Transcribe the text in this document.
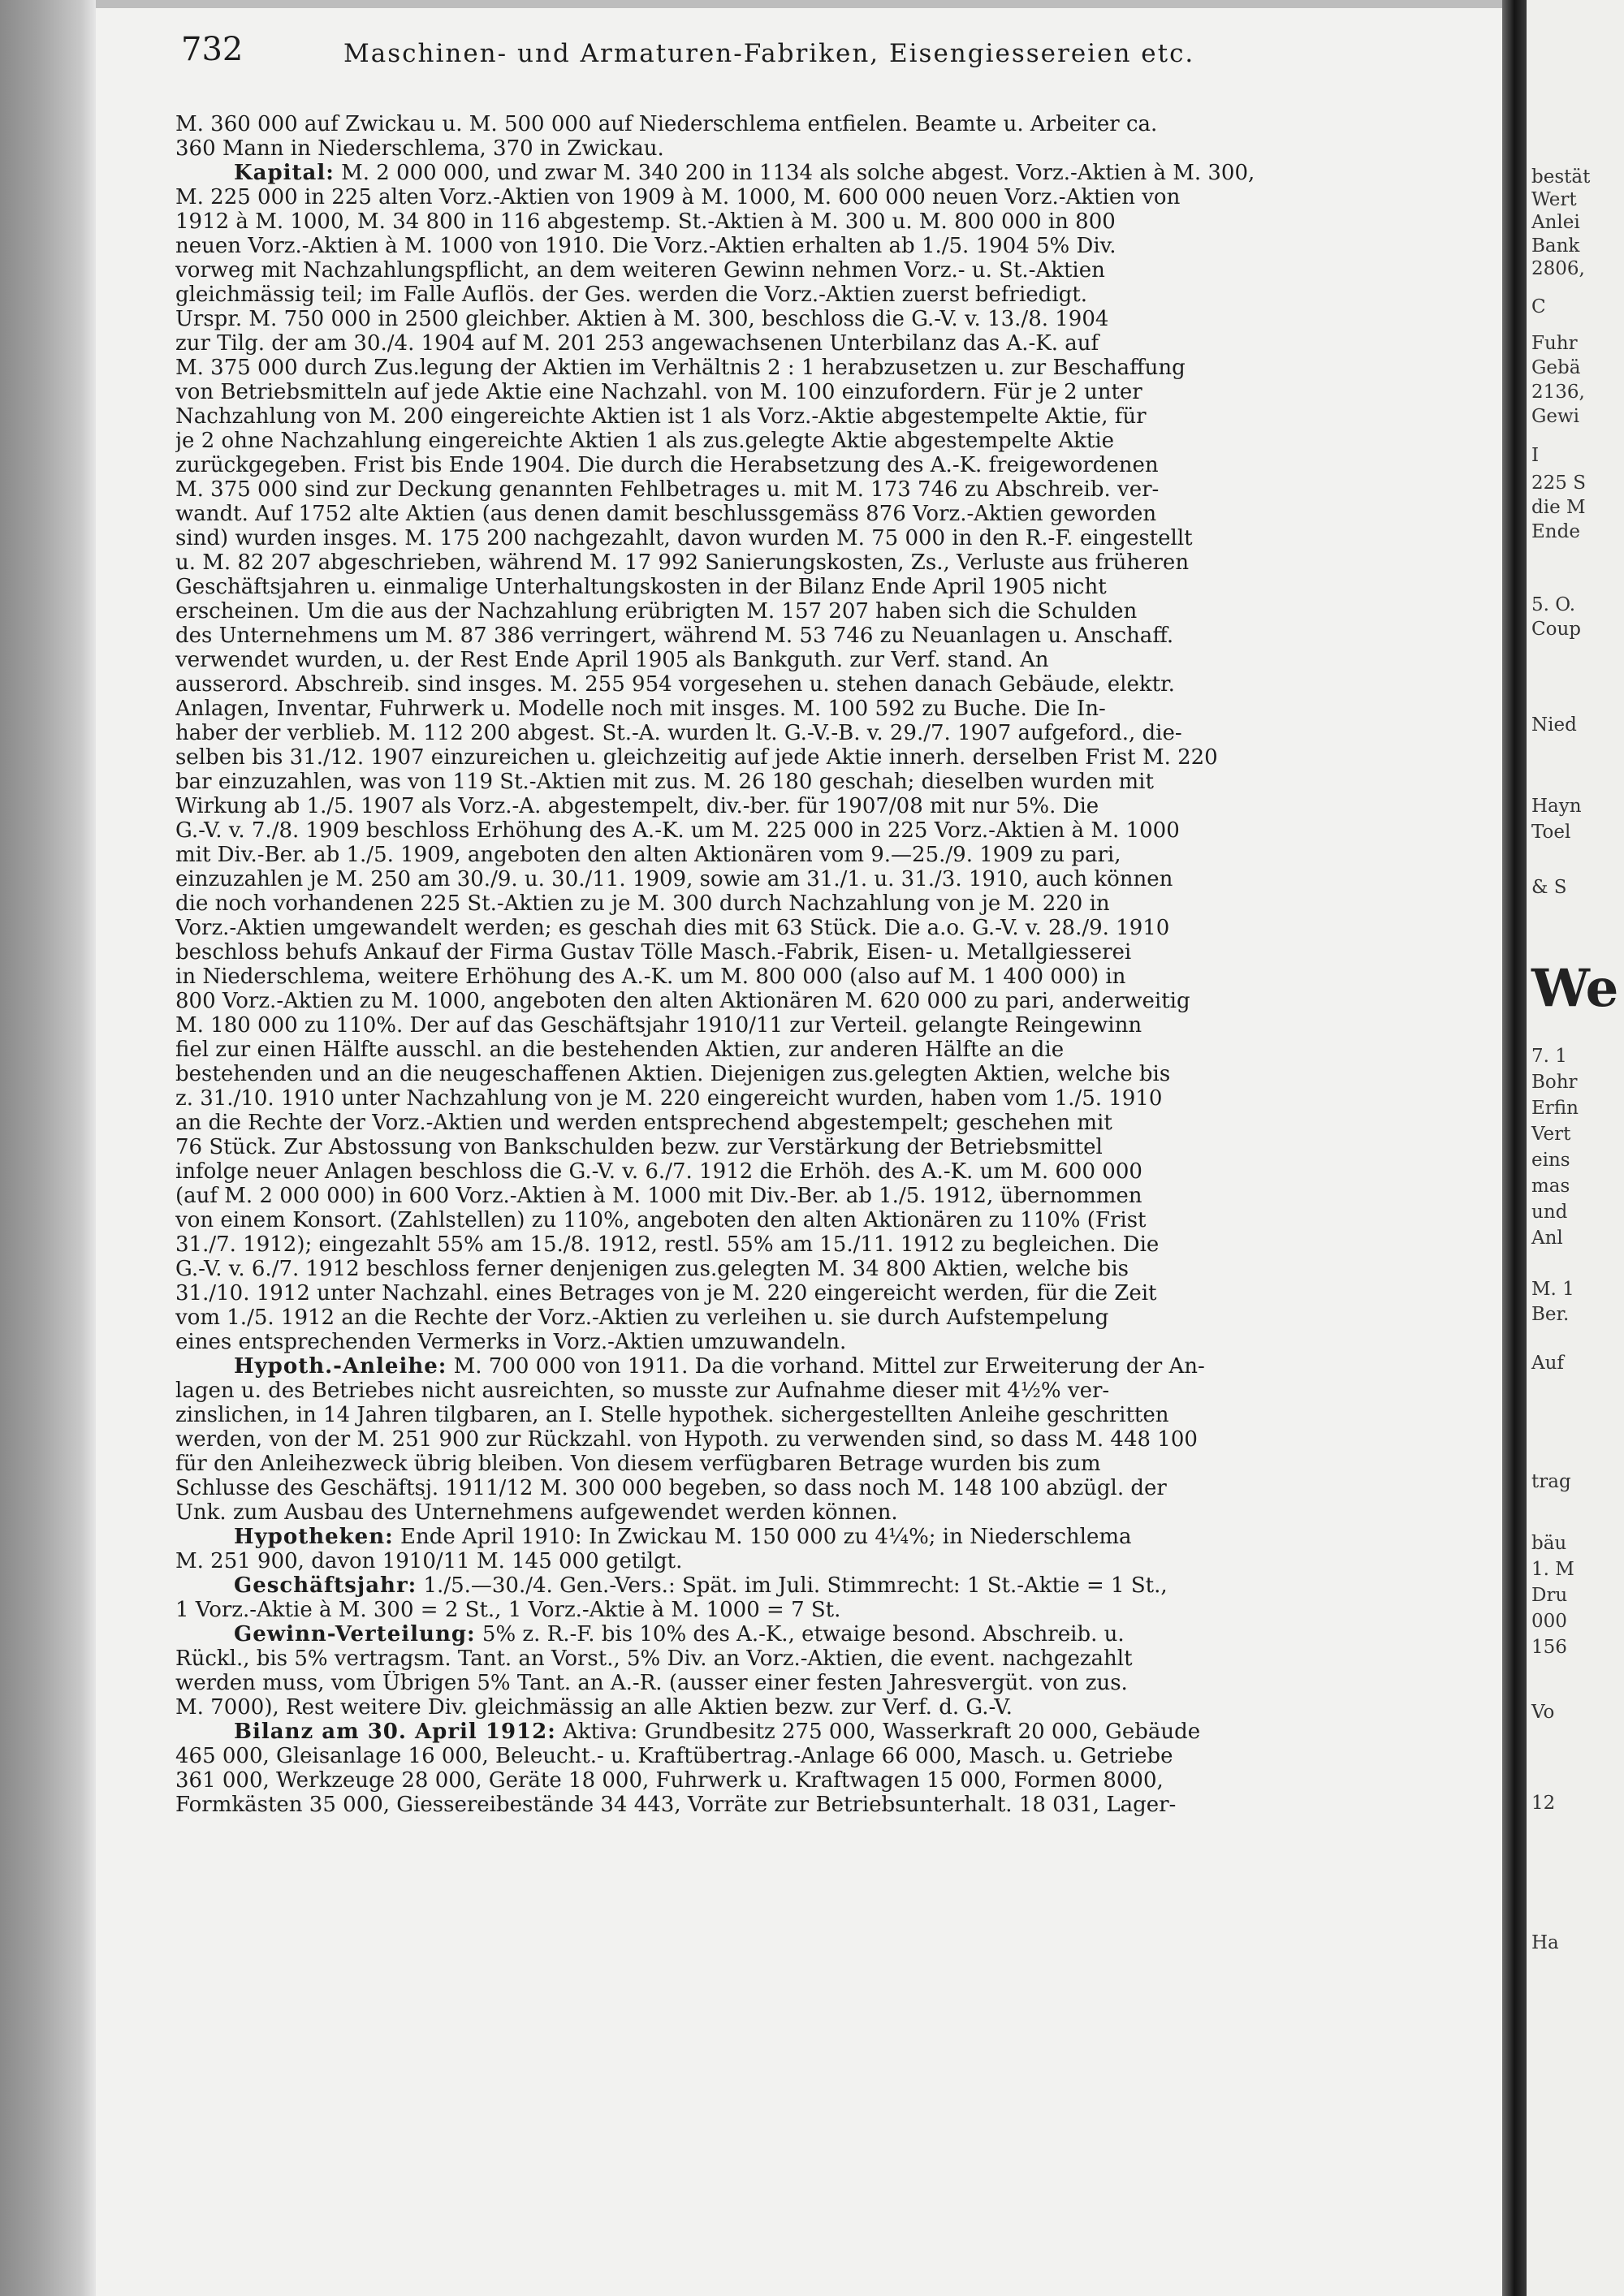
732	Maschinen- und Armaturen-Fabriken, Eisengiessereien etc.

M. 360 000 auf Zwickau u. M. 500 000 auf Niederschlema entfielen. Beamte u. Arbeiter ca.

360 Mann in Niederschlema, 370 in Zwickau.

Kapital: M. 2 000 000, und zwar M. 340 200 in 1134 als solche abgest. Vorz.-Aktien à M. 300,

M. 225 000 in 225 alten Vorz.-Aktien von 1909 à M. 1000, M. 600 000 neuen Vorz.-Aktien von

1912 à M. 1000, M. 34 800 in 116 abgestemp. St.-Aktien à M. 300 u. M. 800 000 in 800

neuen Vorz.-Aktien à M. 1000 von 1910. Die Vorz.-Aktien erhalten ab 1./5. 1904 5% Div.

vorweg mit Nachzahlungspflicht, an dem weiteren Gewinn nehmen Vorz.- u. St.-Aktien

gleichmässig teil; im Falle Auflös. der Ges. werden die Vorz.-Aktien zuerst befriedigt.

Urspr. M. 750 000 in 2500 gleichber. Aktien à M. 300, beschloss die G.-V. v. 13./8. 1904

zur Tilg. der am 30./4. 1904 auf M. 201 253 angewachsenen Unterbilanz das A.-K. auf

M. 375 000 durch Zus.legung der Aktien im Verhältnis 2 : 1 herabzusetzen u. zur Beschaffung

von Betriebsmitteln auf jede Aktie eine Nachzahl. von M. 100 einzufordern. Für je 2 unter

Nachzahlung von M. 200 eingereichte Aktien ist 1 als Vorz.-Aktie abgestempelte Aktie, für

je 2 ohne Nachzahlung eingereichte Aktien 1 als zus.gelegte Aktie abgestempelte Aktie

zurückgegeben. Frist bis Ende 1904. Die durch die Herabsetzung des A.-K. freigewordenen

M. 375 000 sind zur Deckung genannten Fehlbetrages u. mit M. 173 746 zu Abschreib. ver-

wandt. Auf 1752 alte Aktien (aus denen damit beschlussgemäss 876 Vorz.-Aktien geworden

sind) wurden insges. M. 175 200 nachgezahlt, davon wurden M. 75 000 in den R.-F. eingestellt

u. M. 82 207 abgeschrieben, während M. 17 992 Sanierungskosten, Zs., Verluste aus früheren

Geschäftsjahren u. einmalige Unterhaltungskosten in der Bilanz Ende April 1905 nicht

erscheinen. Um die aus der Nachzahlung erübrigten M. 157 207 haben sich die Schulden

des Unternehmens um M. 87 386 verringert, während M. 53 746 zu Neuanlagen u. Anschaff.

verwendet wurden, u. der Rest Ende April 1905 als Bankguth. zur Verf. stand. An

ausserord. Abschreib. sind insges. M. 255 954 vorgesehen u. stehen danach Gebäude, elektr.

Anlagen, Inventar, Fuhrwerk u. Modelle noch mit insges. M. 100 592 zu Buche. Die In-

haber der verblieb. M. 112 200 abgest. St.-A. wurden lt. G.-V.-B. v. 29./7. 1907 aufgeford., die-

selben bis 31./12. 1907 einzureichen u. gleichzeitig auf jede Aktie innerh. derselben Frist M. 220

bar einzuzahlen, was von 119 St.-Aktien mit zus. M. 26 180 geschah; dieselben wurden mit

Wirkung ab 1./5. 1907 als Vorz.-A. abgestempelt, div.-ber. für 1907/08 mit nur 5%. Die

G.-V. v. 7./8. 1909 beschloss Erhöhung des A.-K. um M. 225 000 in 225 Vorz.-Aktien à M. 1000

mit Div.-Ber. ab 1./5. 1909, angeboten den alten Aktionären vom 9.—25./9. 1909 zu pari,

einzuzahlen je M. 250 am 30./9. u. 30./11. 1909, sowie am 31./1. u. 31./3. 1910, auch können

die noch vorhandenen 225 St.-Aktien zu je M. 300 durch Nachzahlung von je M. 220 in

Vorz.-Aktien umgewandelt werden; es geschah dies mit 63 Stück. Die a.o. G.-V. v. 28./9. 1910

beschloss behufs Ankauf der Firma Gustav Tölle Masch.-Fabrik, Eisen- u. Metallgiesserei

in Niederschlema, weitere Erhöhung des A.-K. um M. 800 000 (also auf M. 1 400 000) in

800 Vorz.-Aktien zu M. 1000, angeboten den alten Aktionären M. 620 000 zu pari, anderweitig

M. 180 000 zu 110%. Der auf das Geschäftsjahr 1910/11 zur Verteil. gelangte Reingewinn

fiel zur einen Hälfte ausschl. an die bestehenden Aktien, zur anderen Hälfte an die

bestehenden und an die neugeschaffenen Aktien. Diejenigen zus.gelegten Aktien, welche bis

z. 31./10. 1910 unter Nachzahlung von je M. 220 eingereicht wurden, haben vom 1./5. 1910

an die Rechte der Vorz.-Aktien und werden entsprechend abgestempelt; geschehen mit

76 Stück. Zur Abstossung von Bankschulden bezw. zur Verstärkung der Betriebsmittel

infolge neuer Anlagen beschloss die G.-V. v. 6./7. 1912 die Erhöh. des A.-K. um M. 600 000

(auf M. 2 000 000) in 600 Vorz.-Aktien à M. 1000 mit Div.-Ber. ab 1./5. 1912, übernommen

von einem Konsort. (Zahlstellen) zu 110%, angeboten den alten Aktionären zu 110% (Frist

31./7. 1912); eingezahlt 55% am 15./8. 1912, restl. 55% am 15./11. 1912 zu begleichen. Die

G.-V. v. 6./7. 1912 beschloss ferner denjenigen zus.gelegten M. 34 800 Aktien, welche bis

31./10. 1912 unter Nachzahl. eines Betrages von je M. 220 eingereicht werden, für die Zeit

vom 1./5. 1912 an die Rechte der Vorz.-Aktien zu verleihen u. sie durch Aufstempelung

eines entsprechenden Vermerks in Vorz.-Aktien umzuwandeln.

Hypoth.-Anleihe: M. 700 000 von 1911. Da die vorhand. Mittel zur Erweiterung der An-

lagen u. des Betriebes nicht ausreichten, so musste zur Aufnahme dieser mit 4½% ver-

zinslichen, in 14 Jahren tilgbaren, an I. Stelle hypothek. sichergestellten Anleihe geschritten

werden, von der M. 251 900 zur Rückzahl. von Hypoth. zu verwenden sind, so dass M. 448 100

für den Anleihezweck übrig bleiben. Von diesem verfügbaren Betrage wurden bis zum

Schlusse des Geschäftsj. 1911/12 M. 300 000 begeben, so dass noch M. 148 100 abzügl. der

Unk. zum Ausbau des Unternehmens aufgewendet werden können.

Hypotheken: Ende April 1910: In Zwickau M. 150 000 zu 4¼%; in Niederschlema

M. 251 900, davon 1910/11 M. 145 000 getilgt.

Geschäftsjahr: 1./5.—30./4. Gen.-Vers.: Spät. im Juli. Stimmrecht: 1 St.-Aktie = 1 St.,

1 Vorz.-Aktie à M. 300 = 2 St., 1 Vorz.-Aktie à M. 1000 = 7 St.

Gewinn-Verteilung: 5% z. R.-F. bis 10% des A.-K., etwaige besond. Abschreib. u.

Rückl., bis 5% vertragsm. Tant. an Vorst., 5% Div. an Vorz.-Aktien, die event. nachgezahlt

werden muss, vom Übrigen 5% Tant. an A.-R. (ausser einer festen Jahresvergüt. von zus.

M. 7000), Rest weitere Div. gleichmässig an alle Aktien bezw. zur Verf. d. G.-V.

Bilanz am 30. April 1912: Aktiva: Grundbesitz 275 000, Wasserkraft 20 000, Gebäude

465 000, Gleisanlage 16 000, Beleucht.- u. Kraftübertrag.-Anlage 66 000, Masch. u. Getriebe

361 000, Werkzeuge 28 000, Geräte 18 000, Fuhrwerk u. Kraftwagen 15 000, Formen 8000,

Formkästen 35 000, Giessereibestände 34 443, Vorräte zur Betriebsunterhalt. 18 031, Lager-

bestät

Wert

Anlei

Bank

2806,

C

Fuhr

Gebä

2136,

Gewi

I

225 S

die M

Ende

5. O.

Coup

Nied

Hayn

Toel

& S

We

7. 1

Bohr

Erfin

Vert

eins

mas

und

Anl

M. 1

Ber.

Auf

trag

bäu

1. M

Dru

000

156

Vo

12

Ha
